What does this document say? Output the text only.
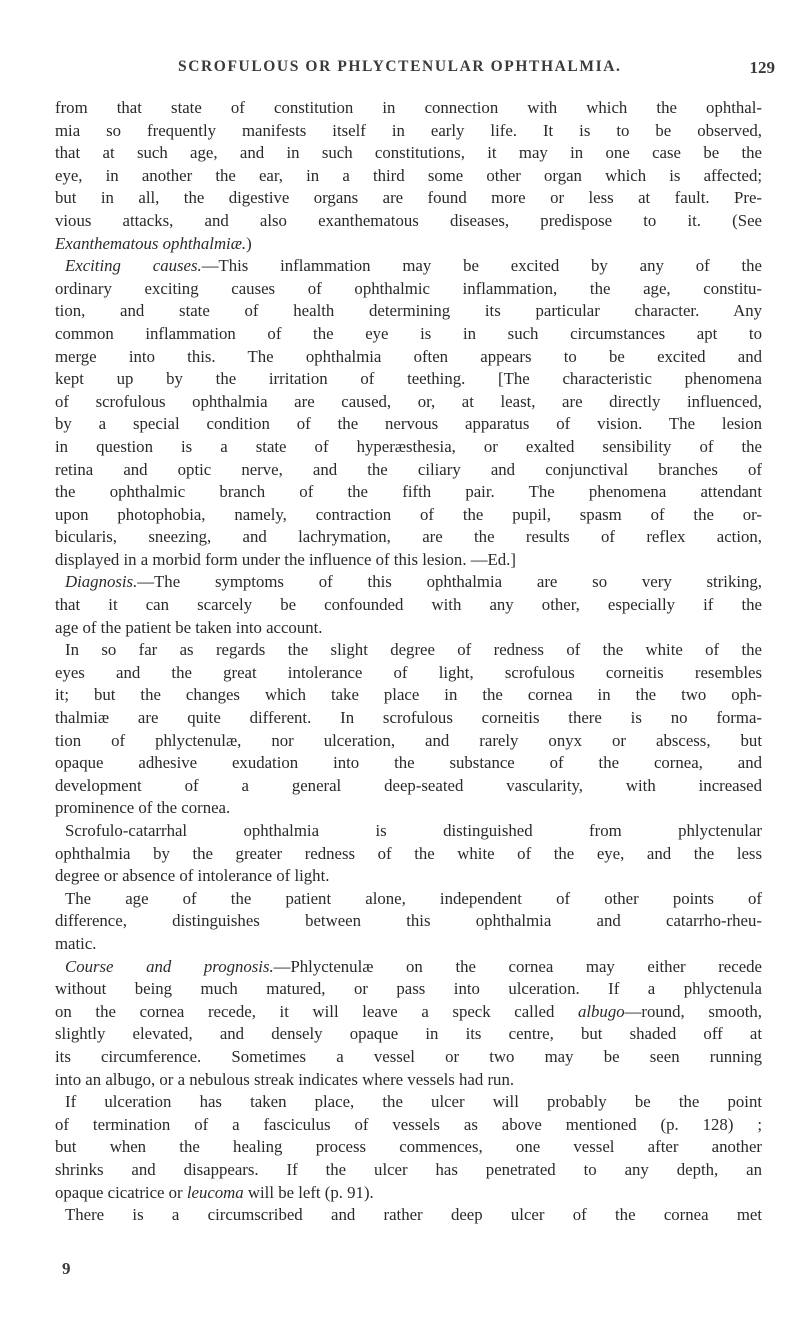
SCROFULOUS OR PHLYCTENULAR OPHTHALMIA.	129
from that state of constitution in connection with which the ophthal-
mia so frequently manifests itself in early life. It is to be observed,
that at such age, and in such constitutions, it may in one case be the
eye, in another the ear, in a third some other organ which is affected;
but in all, the digestive organs are found more or less at fault. Pre-
vious attacks, and also exanthematous diseases, predispose to it. (See
Exanthematous ophthalmiæ.)
Exciting causes.—This inflammation may be excited by any of the
ordinary exciting causes of ophthalmic inflammation, the age, constitu-
tion, and state of health determining its particular character. Any
common inflammation of the eye is in such circumstances apt to
merge into this. The ophthalmia often appears to be excited and
kept up by the irritation of teething. [The characteristic phenomena
of scrofulous ophthalmia are caused, or, at least, are directly influenced,
by a special condition of the nervous apparatus of vision. The lesion
in question is a state of hyperæsthesia, or exalted sensibility of the
retina and optic nerve, and the ciliary and conjunctival branches of
the ophthalmic branch of the fifth pair. The phenomena attendant
upon photophobia, namely, contraction of the pupil, spasm of the or-
bicularis, sneezing, and lachrymation, are the results of reflex action,
displayed in a morbid form under the influence of this lesion. —Ed.]
Diagnosis.—The symptoms of this ophthalmia are so very striking,
that it can scarcely be confounded with any other, especially if the
age of the patient be taken into account.
In so far as regards the slight degree of redness of the white of the
eyes and the great intolerance of light, scrofulous corneitis resembles
it; but the changes which take place in the cornea in the two oph-
thalmiæ are quite different. In scrofulous corneitis there is no forma-
tion of phlyctenulæ, nor ulceration, and rarely onyx or abscess, but
opaque adhesive exudation into the substance of the cornea, and
development of a general deep-seated vascularity, with increased
prominence of the cornea.
Scrofulo-catarrhal ophthalmia is distinguished from phlyctenular
ophthalmia by the greater redness of the white of the eye, and the less
degree or absence of intolerance of light.
The age of the patient alone, independent of other points of
difference, distinguishes between this ophthalmia and catarrho-rheu-
matic.
Course and prognosis.—Phlyctenulæ on the cornea may either recede
without being much matured, or pass into ulceration. If a phlyctenula
on the cornea recede, it will leave a speck called albugo—round, smooth,
slightly elevated, and densely opaque in its centre, but shaded off at
its circumference. Sometimes a vessel or two may be seen running
into an albugo, or a nebulous streak indicates where vessels had run.
If ulceration has taken place, the ulcer will probably be the point
of termination of a fasciculus of vessels as above mentioned (p. 128) ;
but when the healing process commences, one vessel after another
shrinks and disappears. If the ulcer has penetrated to any depth, an
opaque cicatrice or leucoma will be left (p. 91).
There is a circumscribed and rather deep ulcer of the cornea met
9
